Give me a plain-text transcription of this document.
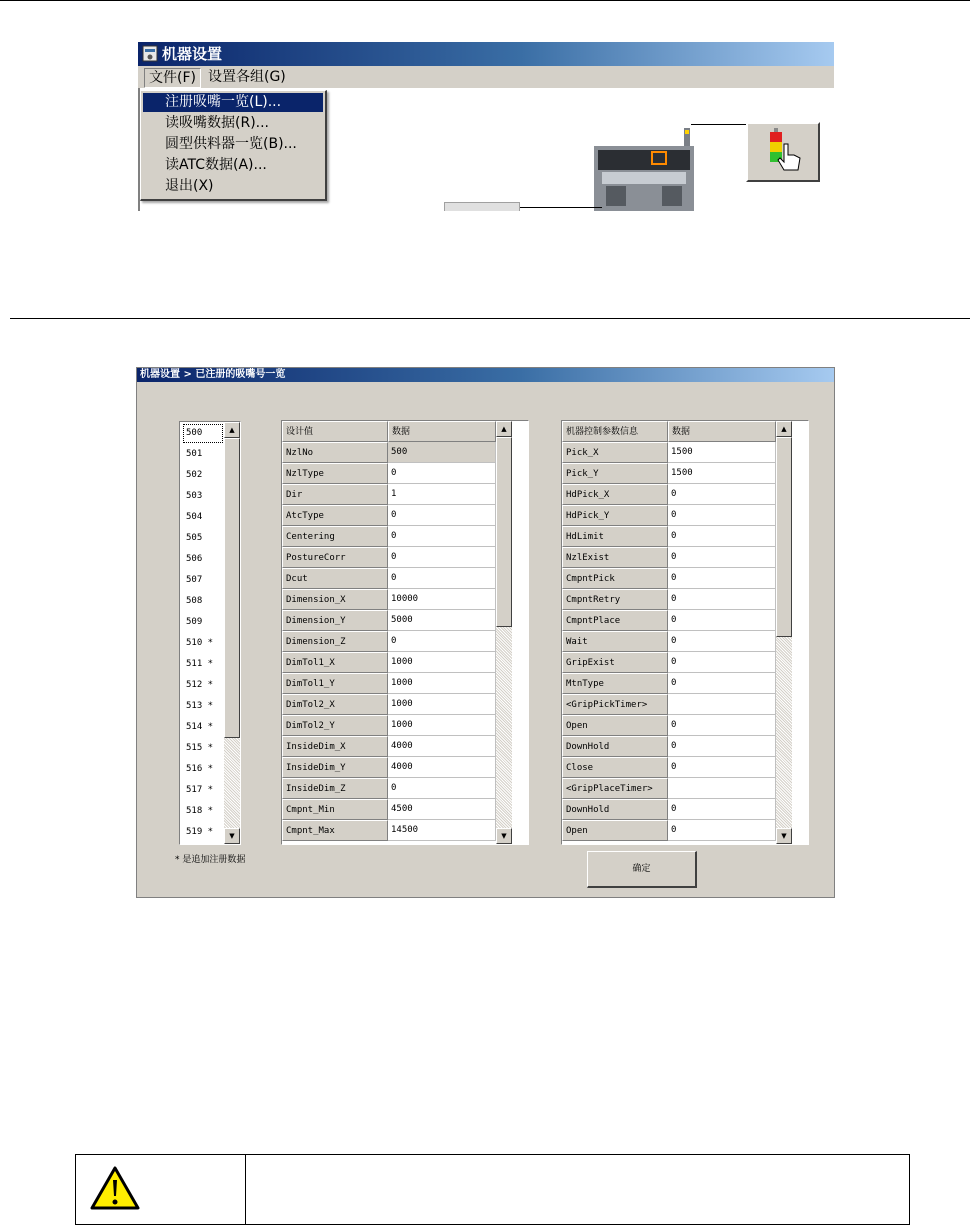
机器设置
文件(F) 设置各组(G)
注册吸嘴一览(L)...
读吸嘴数据(R)...
圆型供料器一览(B)...
读ATC数据(A)...
退出(X)
机器设置 > 已注册的吸嘴号一览
500
501
502
503
504
505
506
507
508
509
510 *
511 *
512 *
513 *
514 *
515 *
516 *
517 *
518 *
519 *
▲
▼
设计值	数据
NzlNo	500
NzlType	0
Dir	1
AtcType	0
Centering	0
PostureCorr	0
Dcut	0
Dimension_X	10000
Dimension_Y	5000
Dimension_Z	0
DimTol1_X	1000
DimTol1_Y	1000
DimTol2_X	1000
DimTol2_Y	1000
InsideDim_X	4000
InsideDim_Y	4000
InsideDim_Z	0
Cmpnt_Min	4500
Cmpnt_Max	14500
▲
▼
机器控制参数信息	数据
Pick_X	1500
Pick_Y	1500
HdPick_X	0
HdPick_Y	0
HdLimit	0
NzlExist	0
CmpntPick	0
CmpntRetry	0
CmpntPlace	0
Wait	0
GripExist	0
MtnType	0
<GripPickTimer>
Open	0
DownHold	0
Close	0
<GripPlaceTimer>
DownHold	0
Open	0
▲
▼
* 是追加注册数据
确定
